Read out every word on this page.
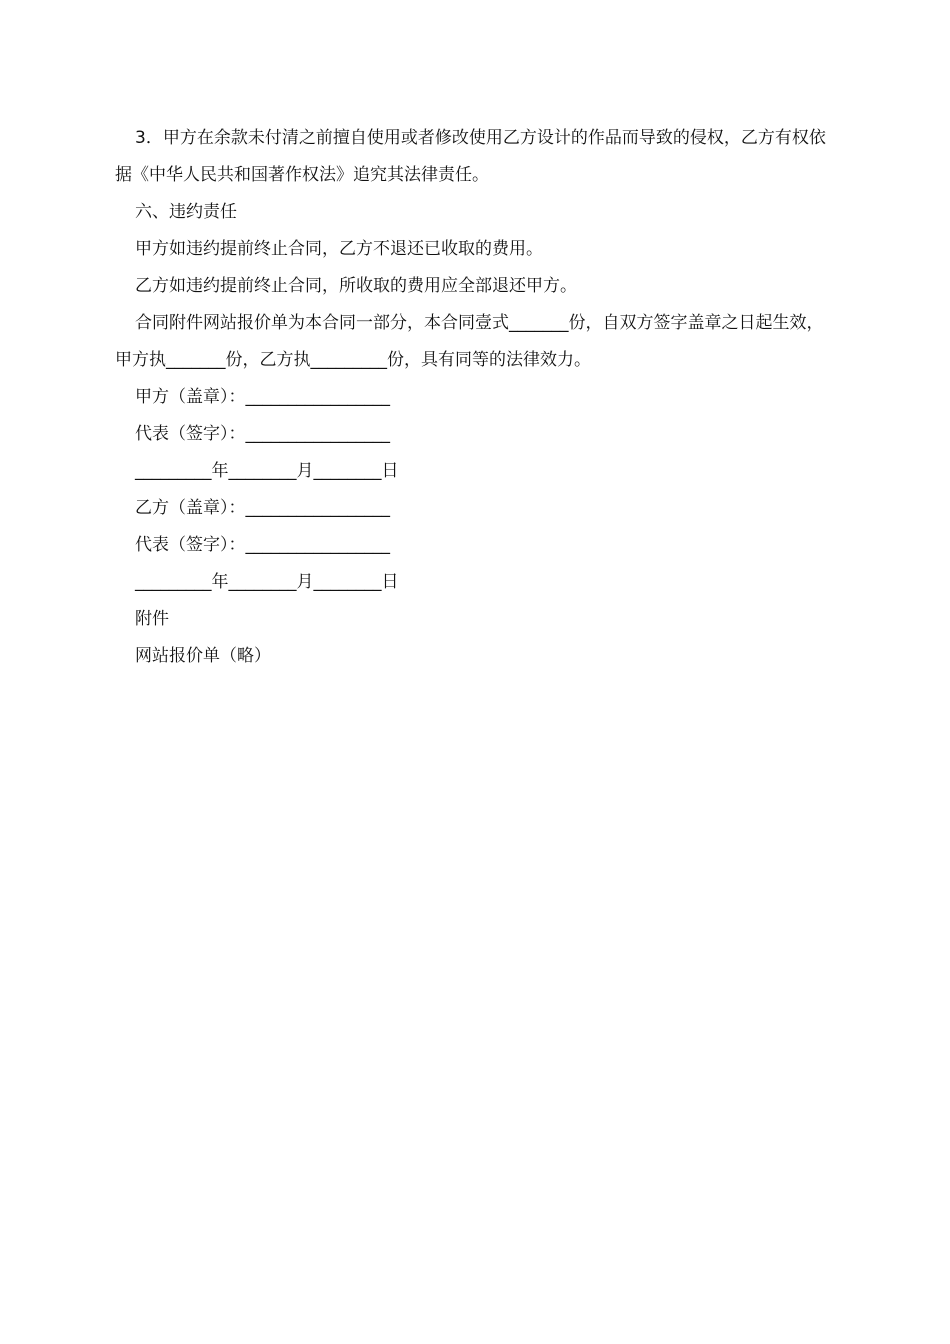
3．甲方在余款未付清之前擅自使用或者修改使用乙方设计的作品而导致的侵权，乙方有权依据《中华人民共和国著作权法》追究其法律责任。

六、违约责任

甲方如违约提前终止合同，乙方不退还已收取的费用。

乙方如违约提前终止合同，所收取的费用应全部退还甲方。

合同附件网站报价单为本合同一部分，本合同壹式_______份，自双方签字盖章之日起生效，甲方执_______份，乙方执_________份，具有同等的法律效力。

甲方（盖章）：_________________

代表（签字）：_________________

_________年________月________日

乙方（盖章）：_________________

代表（签字）：_________________

_________年________月________日

附件

网站报价单（略）
